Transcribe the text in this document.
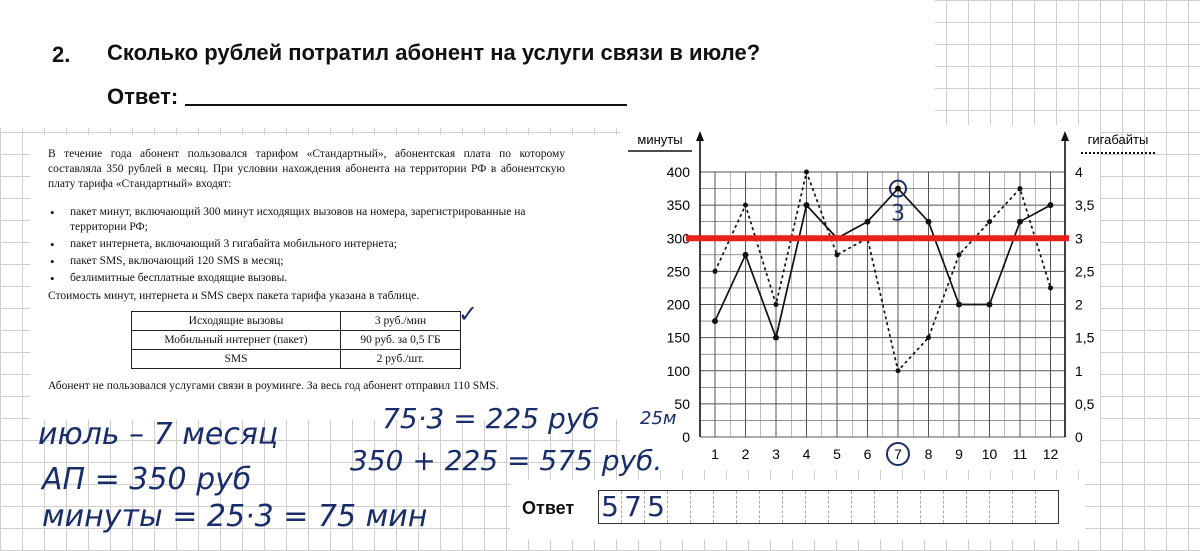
2. Сколько рублей потратил абонент на услуги связи в июле?
Ответ:
В течение года абонент пользовался тарифом «Стандартный», абонентская плата по которому составляла 350 рублей в месяц. При условии нахождения абонента на территории РФ в абонентскую плату тарифа «Стандартный» входят:
• пакет минут, включающий 300 минут исходящих вызовов на номера, зарегистрированные на территории РФ;
• пакет интернета, включающий 3 гигабайта мобильного интернета;
• пакет SMS, включающий 120 SMS в месяц;
• безлимитные бесплатные входящие вызовы.
Стоимость минут, интернета и SMS сверх пакета тарифа указана в таблице.
Исходящие вызовы	3 руб./мин
Мобильный интернет (пакет)	90 руб. за 0,5 ГБ
SMS	2 руб./шт.
Абонент не пользовался услугами связи в роуминге. За весь год абонент отправил 110 SMS.
минуты	гигабайты
0
50
100
150
200
250
300
350
400
0
0,5
1
1,5
2
2,5
3
3,5
4
1 2 3 4 5 6 7 8 9 10 11 12
3
июль – 7 месяц
АП = 350 руб
минуты = 25·3 = 75 мин
75·3 = 225 руб
350 + 225 = 575 руб.
25м
✓
Ответ 5 7 5
